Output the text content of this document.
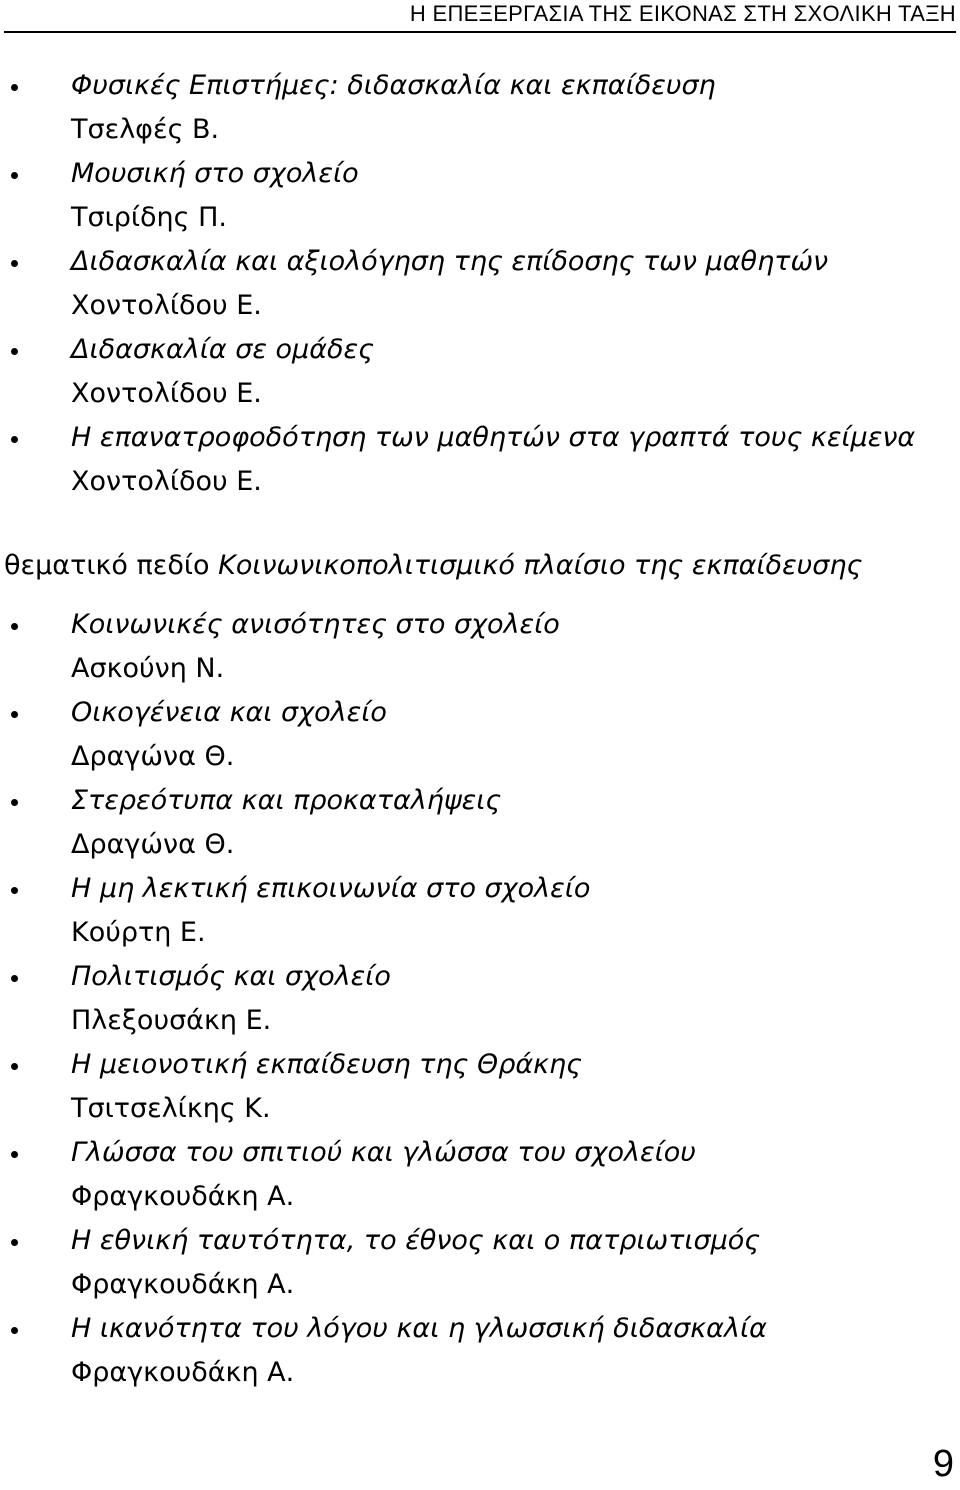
Η ΕΠΕΞΕΡΓΑΣΙΑ ΤΗΣ ΕΙΚΟΝΑΣ ΣΤΗ ΣΧΟΛΙΚΗ ΤΑΞΗ
Φυσικές Επιστήμες: διδασκαλία και εκπαίδευση
Τσελφές Β.
Μουσική στο σχολείο
Τσιρίδης Π.
Διδασκαλία και αξιολόγηση της επίδοσης των μαθητών
Χοντολίδου Ε.
Διδασκαλία σε ομάδες
Χοντολίδου Ε.
Η επανατροφοδότηση των μαθητών στα γραπτά τους κείμενα
Χοντολίδου Ε.
θεματικό πεδίο Κοινωνικοπολιτισμικό πλαίσιο της εκπαίδευσης
Κοινωνικές ανισότητες στο σχολείο
Ασκούνη Ν.
Οικογένεια και σχολείο
Δραγώνα Θ.
Στερεότυπα και προκαταλήψεις
Δραγώνα Θ.
Η μη λεκτική επικοινωνία στο σχολείο
Κούρτη Ε.
Πολιτισμός και σχολείο
Πλεξουσάκη Ε.
Η μειονοτική εκπαίδευση της Θράκης
Τσιτσελίκης Κ.
Γλώσσα του σπιτιού και γλώσσα του σχολείου
Φραγκουδάκη Α.
Η εθνική ταυτότητα, το έθνος και ο πατριωτισμός
Φραγκουδάκη Α.
Η ικανότητα του λόγου και η γλωσσική διδασκαλία
Φραγκουδάκη Α.
9
